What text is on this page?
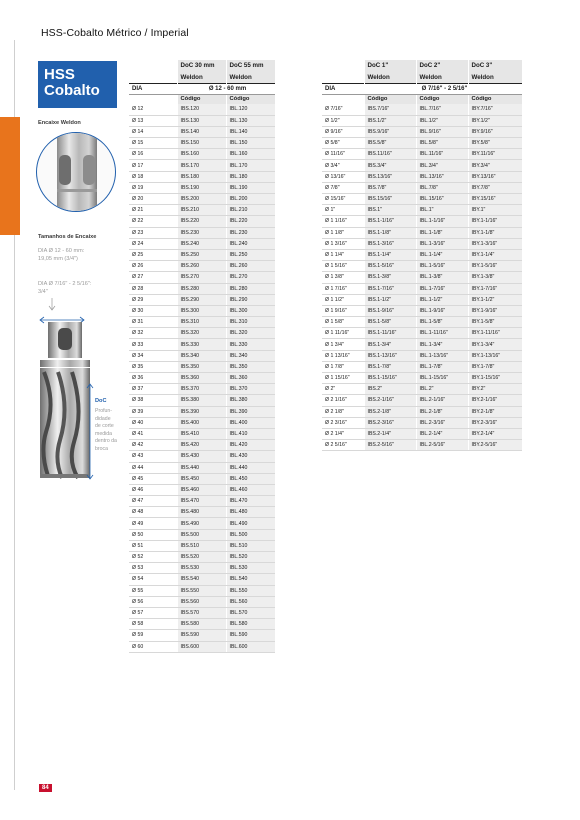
HSS-Cobalto Métrico / Imperial
HSS
Cobalto
Encaixe Weldon
Tamanhos de Encaixe
DIA Ø 12 - 60 mm:
19,05 mm (3/4")
DIA Ø 7/16" - 2 5/16":
3/4"
DoC
Profun-
didade
de corte
medida
dentro da
broca
	DoC 30 mm	DoC 55 mm
	Weldon	Weldon
DIA	Ø 12 - 60 mm	
	Código	Código
Ø 12	IBS.120	IBL.120
Ø 13	IBS.130	IBL.130
Ø 14	IBS.140	IBL.140
Ø 15	IBS.150	IBL.150
Ø 16	IBS.160	IBL.160
Ø 17	IBS.170	IBL.170
Ø 18	IBS.180	IBL.180
Ø 19	IBS.190	IBL.190
Ø 20	IBS.200	IBL.200
Ø 21	IBS.210	IBL.210
Ø 22	IBS.220	IBL.220
Ø 23	IBS.230	IBL.230
Ø 24	IBS.240	IBL.240
Ø 25	IBS.250	IBL.250
Ø 26	IBS.260	IBL.260
Ø 27	IBS.270	IBL.270
Ø 28	IBS.280	IBL.280
Ø 29	IBS.290	IBL.290
Ø 30	IBS.300	IBL.300
Ø 31	IBS.310	IBL.310
Ø 32	IBS.320	IBL.320
Ø 33	IBS.330	IBL.330
Ø 34	IBS.340	IBL.340
Ø 35	IBS.350	IBL.350
Ø 36	IBS.360	IBL.360
Ø 37	IBS.370	IBL.370
Ø 38	IBS.380	IBL.380
Ø 39	IBS.390	IBL.390
Ø 40	IBS.400	IBL.400
Ø 41	IBS.410	IBL.410
Ø 42	IBS.420	IBL.420
Ø 43	IBS.430	IBL.430
Ø 44	IBS.440	IBL.440
Ø 45	IBS.450	IBL.450
Ø 46	IBS.460	IBL.460
Ø 47	IBS.470	IBL.470
Ø 48	IBS.480	IBL.480
Ø 49	IBS.490	IBL.490
Ø 50	IBS.500	IBL.500
Ø 51	IBS.510	IBL.510
Ø 52	IBS.520	IBL.520
Ø 53	IBS.530	IBL.530
Ø 54	IBS.540	IBL.540
Ø 55	IBS.550	IBL.550
Ø 56	IBS.560	IBL.560
Ø 57	IBS.570	IBL.570
Ø 58	IBS.580	IBL.580
Ø 59	IBS.590	IBL.590
Ø 60	IBS.600	IBL.600
	DoC 1"	DoC 2"	DoC 3"
	Weldon	Weldon	Weldon
DIA	Ø 7/16" - 2 5/16"		
	Código	Código	Código
Ø 7/16"	IBS.7/16"	IBL.7/16"	IBY.7/16"
Ø 1/2"	IBS.1/2"	IBL.1/2"	IBY.1/2"
Ø 9/16"	IBS.9/16"	IBL.9/16"	IBY.9/16"
Ø 5/8"	IBS.5/8"	IBL.5/8"	IBY.5/8"
Ø 11/16"	IBS.11/16"	IBL.11/16"	IBY.11/16"
Ø 3/4"	IBS.3/4"	IBL.3/4"	IBY.3/4"
Ø 13/16"	IBS.13/16"	IBL.13/16"	IBY.13/16"
Ø 7/8"	IBS.7/8"	IBL.7/8"	IBY.7/8"
Ø 15/16"	IBS.15/16"	IBL.15/16"	IBY.15/16"
Ø 1"	IBS.1"	IBL.1"	IBY.1"
Ø 1 1/16"	IBS.1-1/16"	IBL.1-1/16"	IBY.1-1/16"
Ø 1 1/8"	IBS.1-1/8"	IBL.1-1/8"	IBY.1-1/8"
Ø 1 3/16"	IBS.1-3/16"	IBL.1-3/16"	IBY.1-3/16"
Ø 1 1/4"	IBS.1-1/4"	IBL.1-1/4"	IBY.1-1/4"
Ø 1 5/16"	IBS.1-5/16"	IBL.1-5/16"	IBY.1-5/16"
Ø 1 3/8"	IBS.1-3/8"	IBL.1-3/8"	IBY.1-3/8"
Ø 1 7/16"	IBS.1-7/16"	IBL.1-7/16"	IBY.1-7/16"
Ø 1 1/2"	IBS.1-1/2"	IBL.1-1/2"	IBY.1-1/2"
Ø 1 9/16"	IBS.1-9/16"	IBL.1-9/16"	IBY.1-9/16"
Ø 1 5/8"	IBS.1-5/8"	IBL.1-5/8"	IBY.1-5/8"
Ø 1 11/16"	IBS.1-11/16"	IBL.1-11/16"	IBY.1-11/16"
Ø 1 3/4"	IBS.1-3/4"	IBL.1-3/4"	IBY.1-3/4"
Ø 1 13/16"	IBS.1-13/16"	IBL.1-13/16"	IBY.1-13/16"
Ø 1 7/8"	IBS.1-7/8"	IBL.1-7/8"	IBY.1-7/8"
Ø 1 15/16"	IBS.1-15/16"	IBL.1-15/16"	IBY.1-15/16"
Ø 2"	IBS.2"	IBL.2"	IBY.2"
Ø 2 1/16"	IBS.2-1/16"	IBL.2-1/16"	IBY.2-1/16"
Ø 2 1/8"	IBS.2-1/8"	IBL.2-1/8"	IBY.2-1/8"
Ø 2 3/16"	IBS.2-3/16"	IBL.2-3/16"	IBY.2-3/16"
Ø 2 1/4"	IBS.2-1/4"	IBL.2-1/4"	IBY.2-1/4"
Ø 2 5/16"	IBS.2-5/16"	IBL.2-5/16"	IBY.2-5/16"
84
